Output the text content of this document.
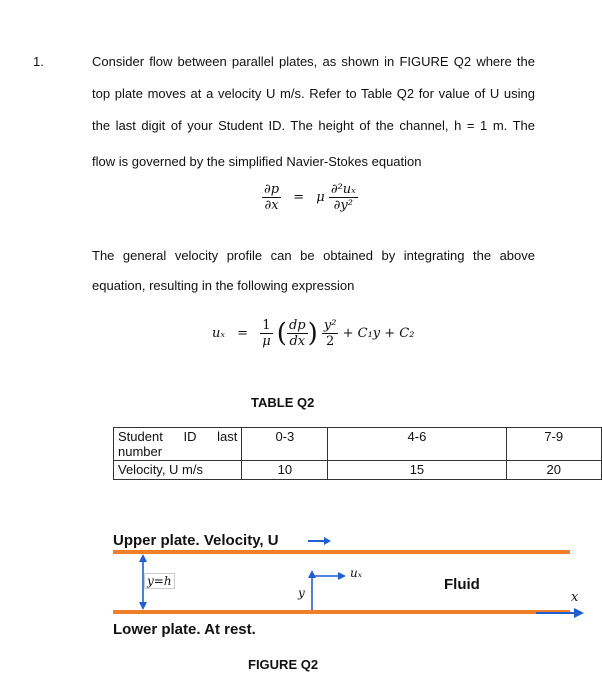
1.	Consider flow between parallel plates, as shown in FIGURE Q2 where the
top plate moves at a velocity U m/s. Refer to Table Q2 for value of U using
the last digit of your Student ID. The height of the channel, h = 1 m. The
flow is governed by the simplified Navier-Stokes equation
$\frac{\partial p}{\partial x} = \mu \frac{\text{∂²uₓ}}{\text{∂y²}}$
The general velocity profile can be obtained by integrating the above
equation, resulting in the following expression
$u_x = \frac{1}{\mu}$ ( $\frac{dp}{dx}$ ) $\frac{\text{y²}}{2} + C_1y + C_2$
TABLE Q2
Student ID last
number	0-3	4-6	7-9
Velocity, U m/s	10	15	20
Upper plate. Velocity, U
y=h
uₓ
y	Fluid
x
Lower plate. At rest.
FIGURE Q2
